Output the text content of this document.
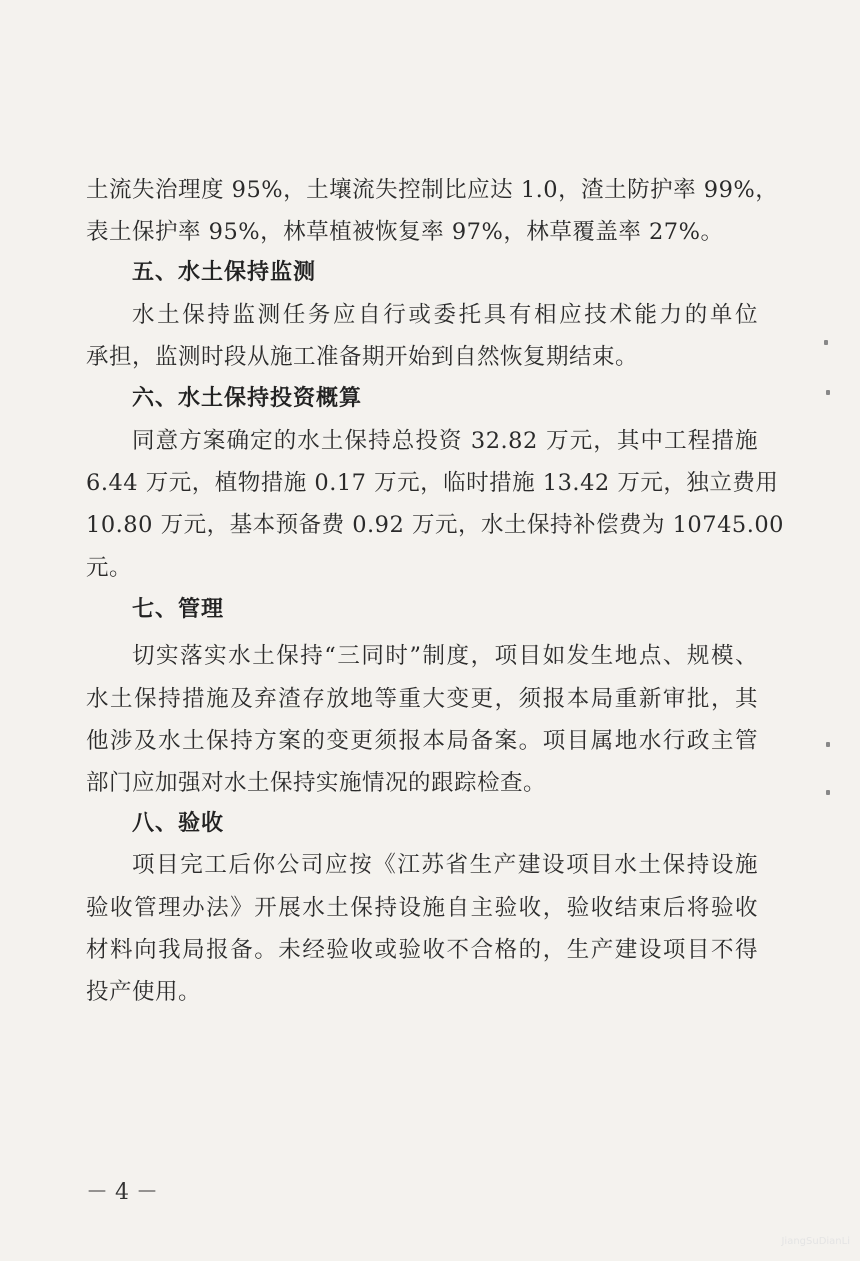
土流失治理度 95%，土壤流失控制比应达 1.0，渣土防护率 99%，
表土保护率 95%，林草植被恢复率 97%，林草覆盖率 27%。
五、水土保持监测
水土保持监测任务应自行或委托具有相应技术能力的单位
承担，监测时段从施工准备期开始到自然恢复期结束。
六、水土保持投资概算
同意方案确定的水土保持总投资 32.82 万元，其中工程措施
6.44 万元，植物措施 0.17 万元，临时措施 13.42 万元，独立费用
10.80 万元，基本预备费 0.92 万元，水土保持补偿费为 10745.00
元。
七、管理
切实落实水土保持“三同时”制度，项目如发生地点、规模、
水土保持措施及弃渣存放地等重大变更，须报本局重新审批，其
他涉及水土保持方案的变更须报本局备案。项目属地水行政主管
部门应加强对水土保持实施情况的跟踪检查。
八、验收
项目完工后你公司应按《江苏省生产建设项目水土保持设施
验收管理办法》开展水土保持设施自主验收，验收结束后将验收
材料向我局报备。未经验收或验收不合格的，生产建设项目不得
投产使用。
－ 4 －
JiangSuDianLi
